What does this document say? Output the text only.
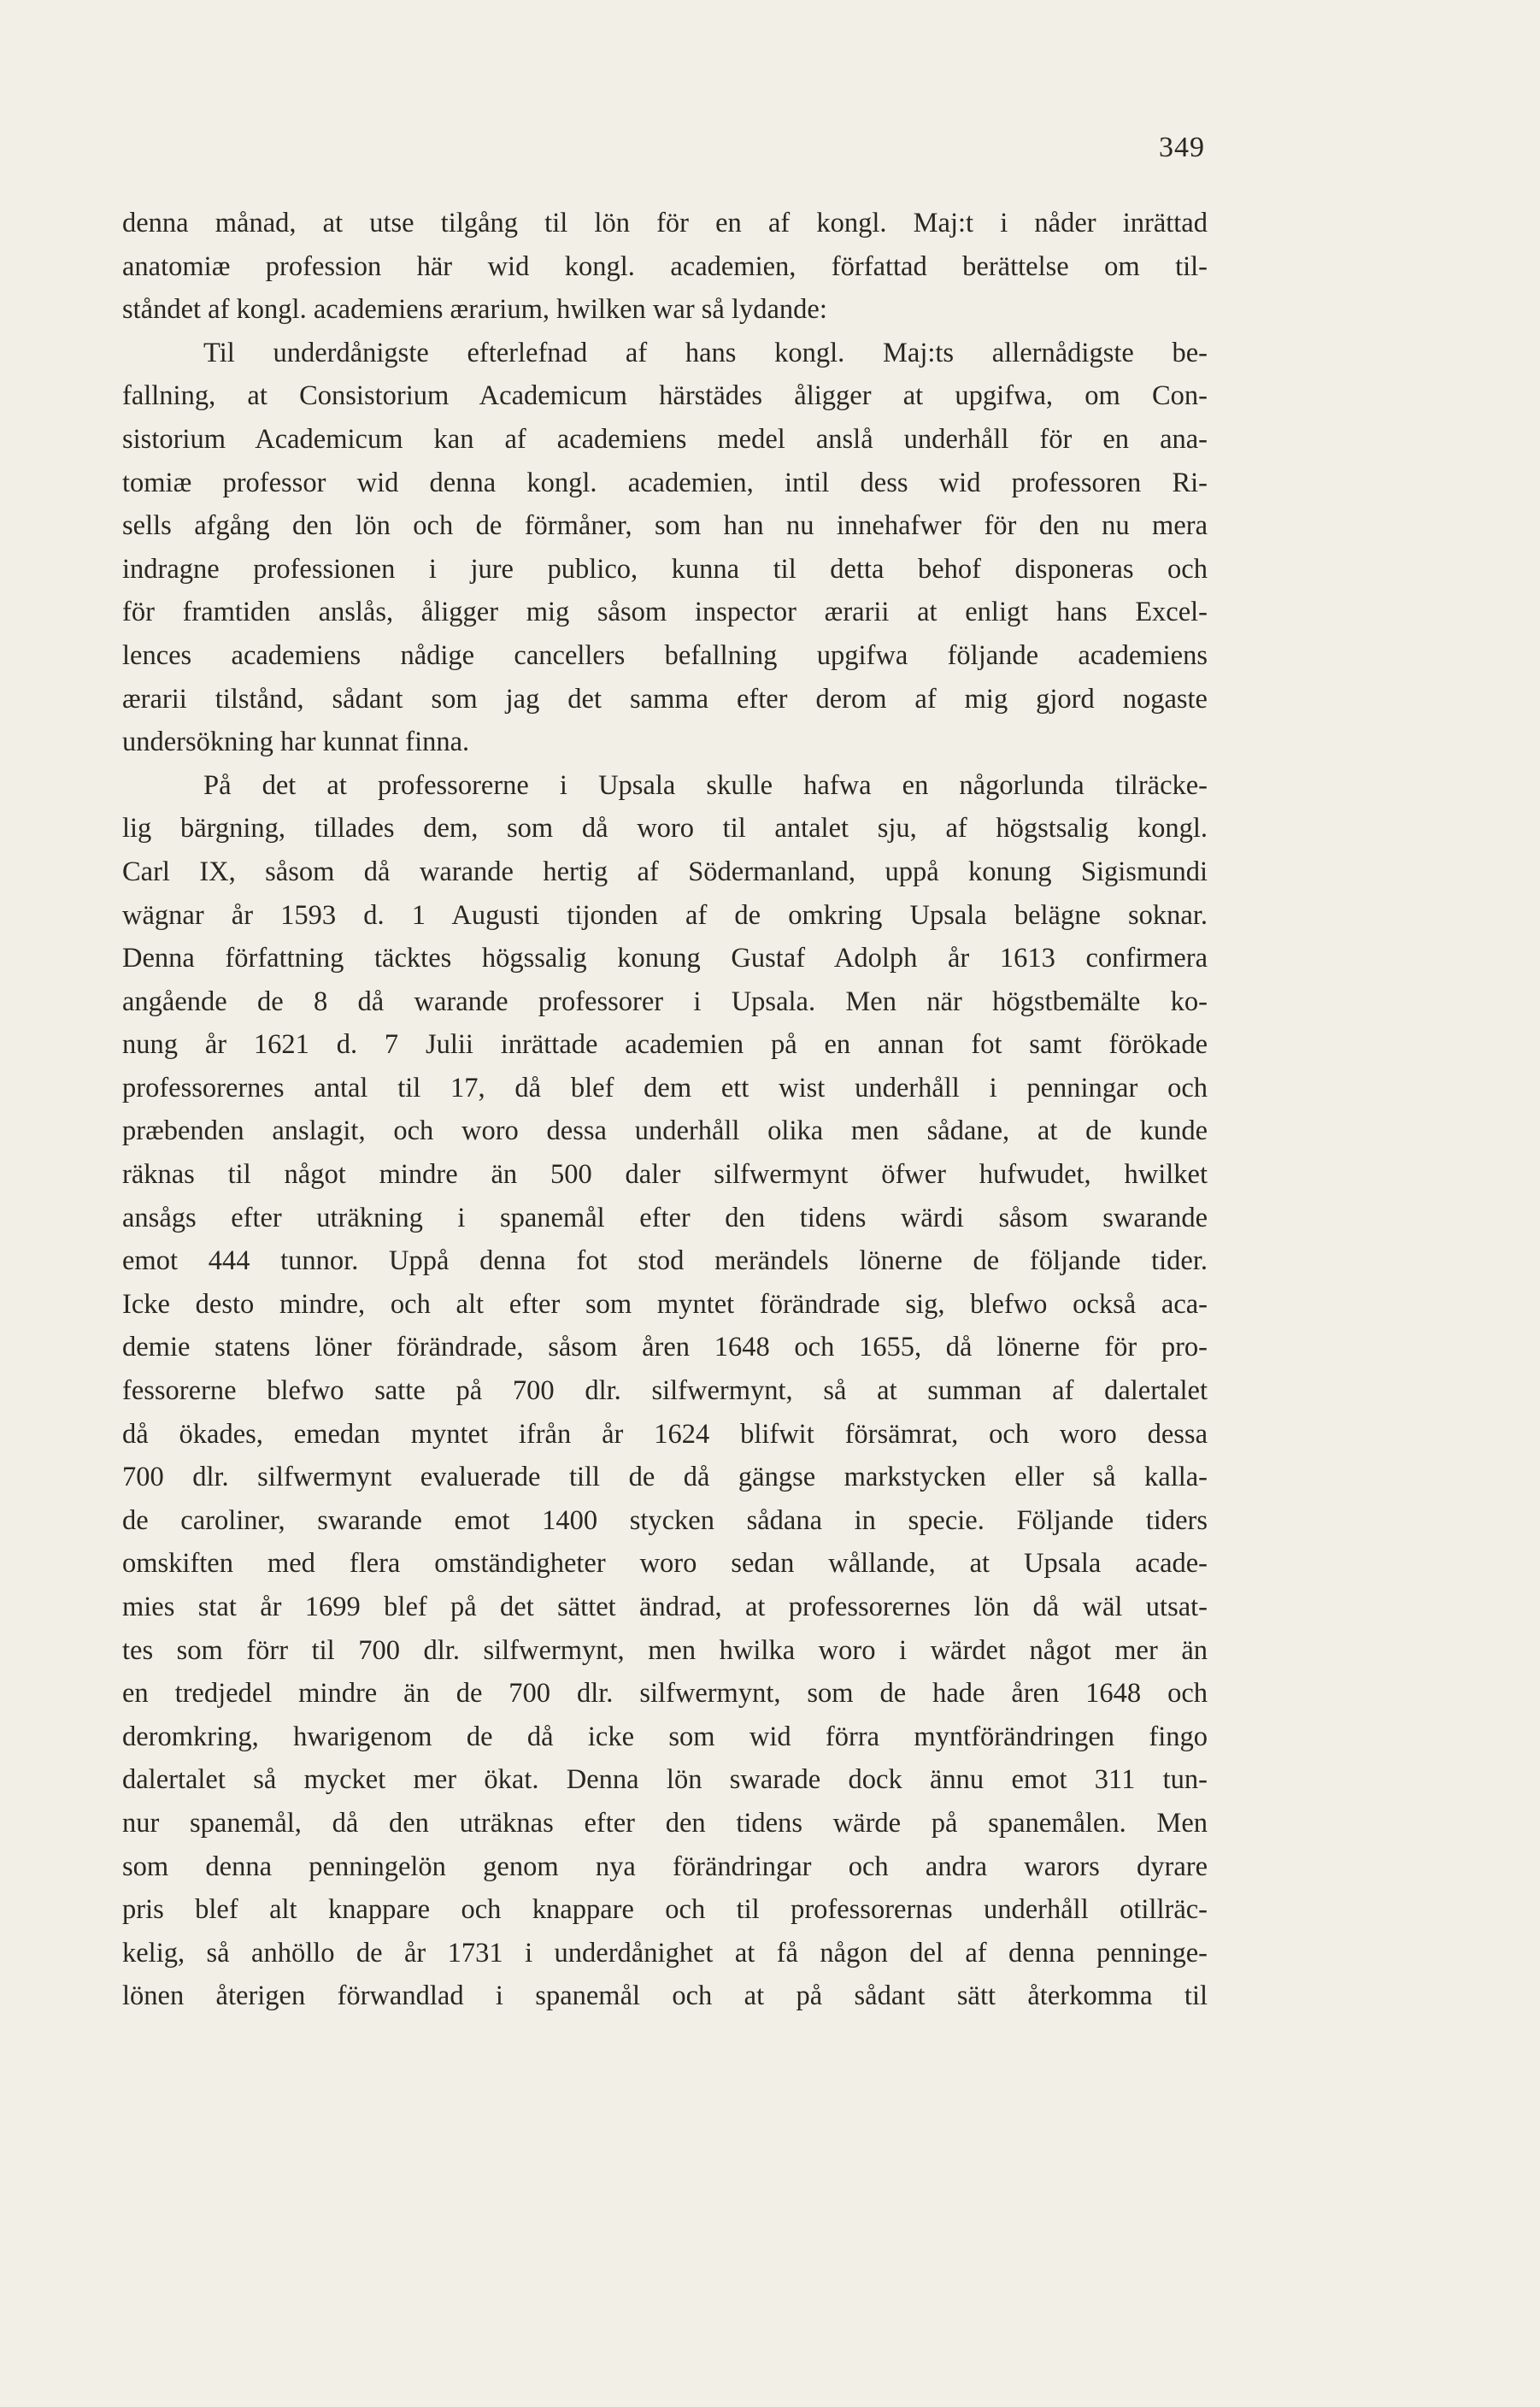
349
denna månad, at utse tilgång til lön för en af kongl. Maj:t i nåder inrättad
anatomiæ profession här wid kongl. academien, författad berättelse om til-
ståndet af kongl. academiens ærarium, hwilken war så lydande:
Til underdånigste efterlefnad af hans kongl. Maj:ts allernådigste be-
fallning, at Consistorium Academicum härstädes åligger at upgifwa, om Con-
sistorium Academicum kan af academiens medel anslå underhåll för en ana-
tomiæ professor wid denna kongl. academien, intil dess wid professoren Ri-
sells afgång den lön och de förmåner, som han nu innehafwer för den nu mera
indragne professionen i jure publico, kunna til detta behof disponeras och
för framtiden anslås, åligger mig såsom inspector ærarii at enligt hans Excel-
lences academiens nådige cancellers befallning upgifwa följande academiens
ærarii tilstånd, sådant som jag det samma efter derom af mig gjord nogaste
undersökning har kunnat finna.
På det at professorerne i Upsala skulle hafwa en någorlunda tilräcke-
lig bärgning, tillades dem, som då woro til antalet sju, af högstsalig kongl.
Carl IX, såsom då warande hertig af Södermanland, uppå konung Sigismundi
wägnar år 1593 d. 1 Augusti tijonden af de omkring Upsala belägne soknar.
Denna författning täcktes högssalig konung Gustaf Adolph år 1613 confirmera
angående de 8 då warande professorer i Upsala. Men när högstbemälte ko-
nung år 1621 d. 7 Julii inrättade academien på en annan fot samt förökade
professorernes antal til 17, då blef dem ett wist underhåll i penningar och
præbenden anslagit, och woro dessa underhåll olika men sådane, at de kunde
räknas til något mindre än 500 daler silfwermynt öfwer hufwudet, hwilket
ansågs efter uträkning i spanemål efter den tidens wärdi såsom swarande
emot 444 tunnor. Uppå denna fot stod merändels lönerne de följande tider.
Icke desto mindre, och alt efter som myntet förändrade sig, blefwo också aca-
demie statens löner förändrade, såsom åren 1648 och 1655, då lönerne för pro-
fessorerne blefwo satte på 700 dlr. silfwermynt, så at summan af dalertalet
då ökades, emedan myntet ifrån år 1624 blifwit försämrat, och woro dessa
700 dlr. silfwermynt evaluerade till de då gängse markstycken eller så kalla-
de caroliner, swarande emot 1400 stycken sådana in specie. Följande tiders
omskiften med flera omständigheter woro sedan wållande, at Upsala acade-
mies stat år 1699 blef på det sättet ändrad, at professorernes lön då wäl utsat-
tes som förr til 700 dlr. silfwermynt, men hwilka woro i wärdet något mer än
en tredjedel mindre än de 700 dlr. silfwermynt, som de hade åren 1648 och
deromkring, hwarigenom de då icke som wid förra myntförändringen fingo
dalertalet så mycket mer ökat. Denna lön swarade dock ännu emot 311 tun-
nur spanemål, då den uträknas efter den tidens wärde på spanemålen. Men
som denna penningelön genom nya förändringar och andra warors dyrare
pris blef alt knappare och knappare och til professorernas underhåll otillräc-
kelig, så anhöllo de år 1731 i underdånighet at få någon del af denna penninge-
lönen återigen förwandlad i spanemål och at på sådant sätt återkomma til
